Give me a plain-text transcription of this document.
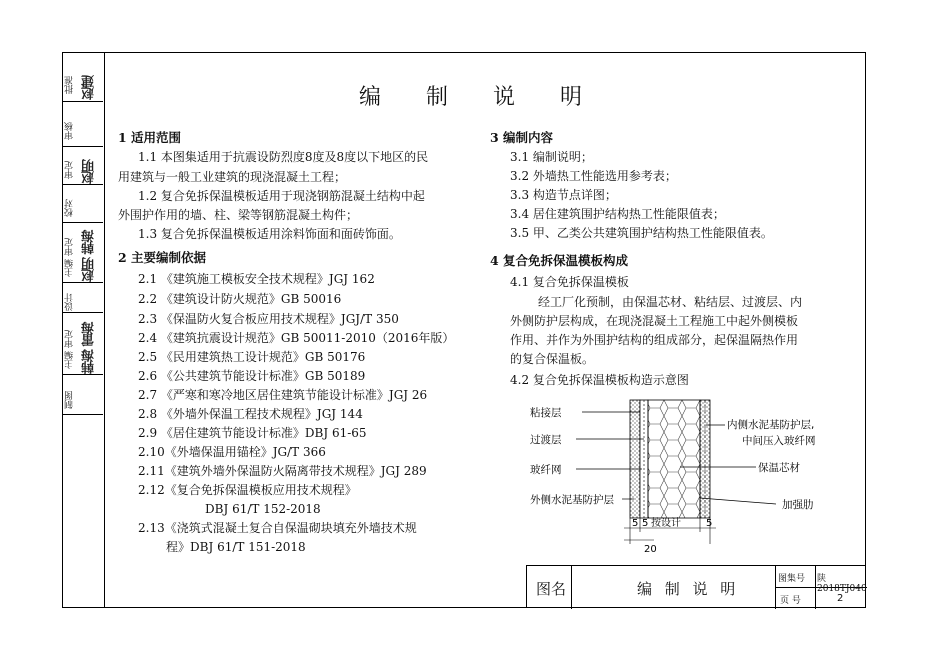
批准 赵建
审核
审定 赵明
校对
主编 审定 赵明 韩海
设计
主编 审定 韩海 雷海
制图
编 制 说 明
1 适用范围
1.1 本图集适用于抗震设防烈度8度及8度以下地区的民
用建筑与一般工业建筑的现浇混凝土工程；
1.2 复合免拆保温模板适用于现浇钢筋混凝土结构中起
外围护作用的墙、柱、梁等钢筋混凝土构件；
1.3 复合免拆保温模板适用涂料饰面和面砖饰面。
2 主要编制依据
2.1 《建筑施工模板安全技术规程》JGJ 162
2.2 《建筑设计防火规范》GB 50016
2.3 《保温防火复合板应用技术规程》JGJ/T 350
2.4 《建筑抗震设计规范》GB 50011-2010（2016年版）
2.5 《民用建筑热工设计规范》GB 50176
2.6 《公共建筑节能设计标准》GB 50189
2.7 《严寒和寒冷地区居住建筑节能设计标准》JGJ 26
2.8 《外墙外保温工程技术规程》JGJ 144
2.9 《居住建筑节能设计标准》DBJ 61-65
2.10《外墙保温用锚栓》JG/T 366
2.11《建筑外墙外保温防火隔离带技术规程》JGJ 289
2.12《复合免拆保温模板应用技术规程》
DBJ 61/T 152-2018
2.13《浇筑式混凝土复合自保温砌块填充外墙技术规
程》DBJ 61/T 151-2018
3 编制内容
3.1 编制说明；
3.2 外墙热工性能选用参考表；
3.3 构造节点详图；
3.4 居住建筑围护结构热工性能限值表；
3.5 甲、乙类公共建筑围护结构热工性能限值表。
4 复合免拆保温模板构成
4.1 复合免拆保温模板
经工厂化预制，由保温芯材、粘结层、过渡层、内
外侧防护层构成，在现浇混凝土工程施工中起外侧模板
作用、并作为外围护结构的组成部分，起保温隔热作用
的复合保温板。
4.2 复合免拆保温模板构造示意图
粘接层
过渡层
玻纤网
外侧水泥基防护层
内侧水泥基防护层,
中间压入玻纤网
保温芯材
加强肋
5 5 按设计	5
20
图名	编 制 说 明
图集号 陕2018TJ040
页 号	2
